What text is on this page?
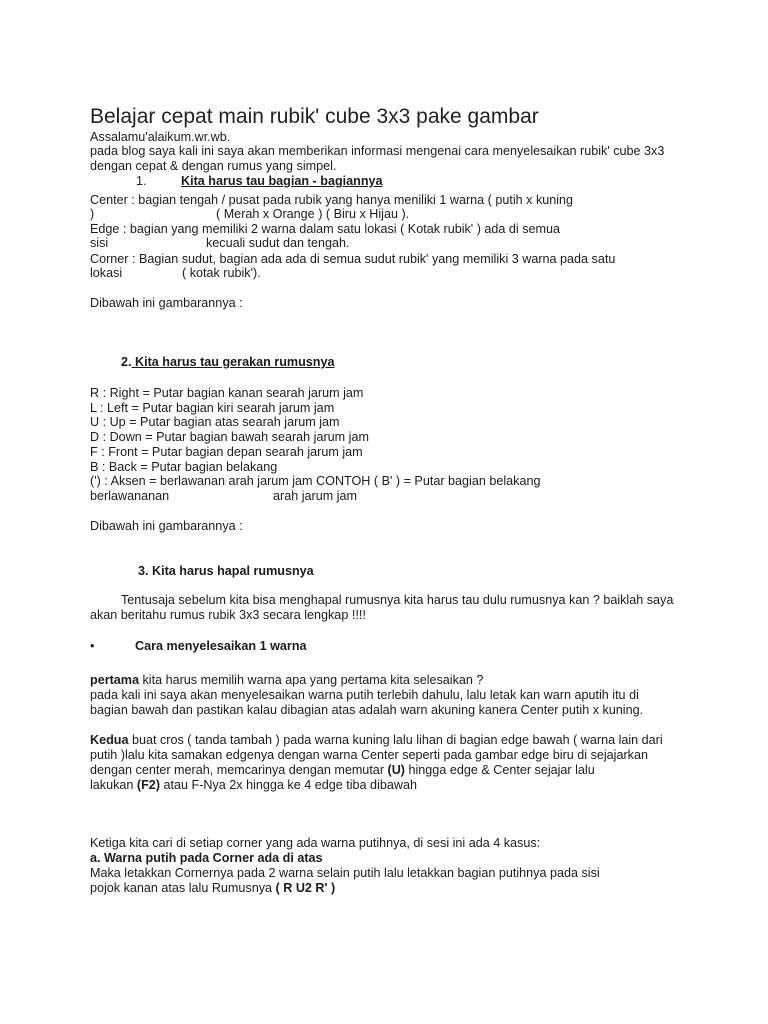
Belajar cepat main rubik' cube 3x3 pake gambar
Assalamu'alaikum.wr.wb.
pada blog saya kali ini saya akan memberikan informasi mengenai cara menyelesaikan rubik' cube 3x3
dengan cepat & dengan rumus yang simpel.
1.	Kita harus tau bagian - bagiannya
Center : bagian tengah / pusat pada rubik yang hanya meniliki 1 warna ( putih x kuning
)	( Merah x Orange ) ( Biru x Hijau ).
Edge : bagian yang memiliki 2 warna dalam satu lokasi ( Kotak rubik' ) ada di semua
sisi	kecuali sudut dan tengah.
Corner : Bagian sudut, bagian ada ada di semua sudut rubik' yang memiliki 3 warna pada satu
lokasi	( kotak rubik').
Dibawah ini gambarannya :
2. Kita harus tau gerakan rumusnya
R : Right = Putar bagian kanan searah jarum jam
L : Left = Putar bagian kiri searah jarum jam
U : Up = Putar bagian atas searah jarum jam
D : Down = Putar bagian bawah searah jarum jam
F : Front = Putar bagian depan searah jarum jam
B : Back = Putar bagian belakang
(') : Aksen = berlawanan arah jarum jam CONTOH ( B' ) = Putar bagian belakang
berlawananan	arah jarum jam
Dibawah ini gambarannya :
3. Kita harus hapal rumusnya
Tentusaja sebelum kita bisa menghapal rumusnya kita harus tau dulu rumusnya kan ? baiklah saya
akan beritahu rumus rubik 3x3 secara lengkap !!!!
•	Cara menyelesaikan 1 warna
pertama kita harus memilih warna apa yang pertama kita selesaikan ?
pada kali ini saya akan menyelesaikan warna putih terlebih dahulu, lalu letak kan warn aputih itu di
bagian bawah dan pastikan kalau dibagian atas adalah warn akuning kanera Center putih x kuning.
Kedua buat cros ( tanda tambah ) pada warna kuning lalu lihan di bagian edge bawah ( warna lain dari
putih )lalu kita samakan edgenya dengan warna Center seperti pada gambar edge biru di sejajarkan
dengan center merah, memcarinya dengan memutar (U) hingga edge & Center sejajar lalu
lakukan (F2) atau F-Nya 2x hingga ke 4 edge tiba dibawah
Ketiga kita cari di setiap corner yang ada warna putihnya, di sesi ini ada 4 kasus:
a. Warna putih pada Corner ada di atas
Maka letakkan Cornernya pada 2 warna selain putih lalu letakkan bagian putihnya pada sisi
pojok kanan atas lalu Rumusnya ( R U2 R' )
